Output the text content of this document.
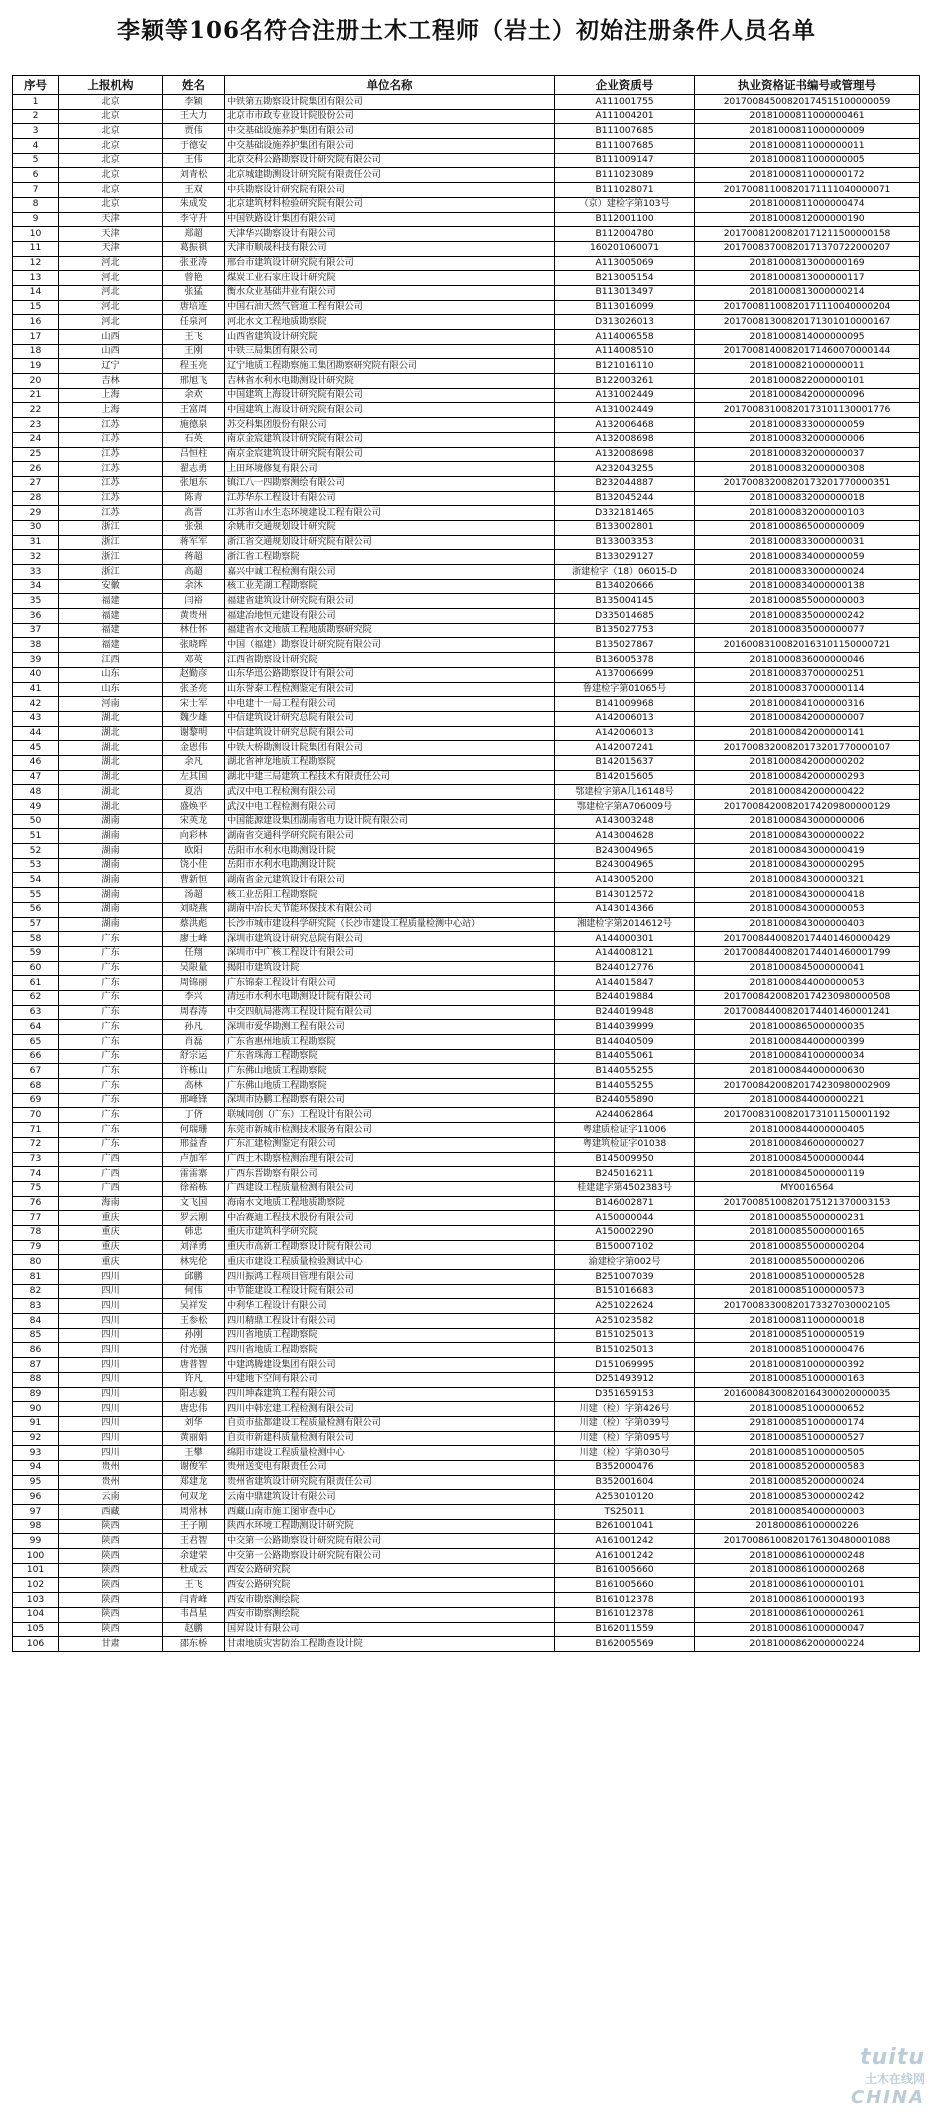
李颖等106名符合注册土木工程师（岩土）初始注册条件人员名单
序号	上报机构	姓名	单位名称	企业资质号	执业资格证书编号或管理号
1	北京	李颖	中铁第五勘察设计院集团有限公司	A111001755	20170084500820174515100000059
2	北京	王大力	北京市市政专业设计院股份公司	A111004201	20181000811000000461
3	北京	贾伟	中交基础设施养护集团有限公司	B111007685	20181000811000000009
4	北京	于德安	中交基础设施养护集团有限公司	B111007685	20181000811000000011
5	北京	王伟	北京交科公路勘察设计研究院有限公司	B111009147	20181000811000000005
6	北京	刘青松	北京城建勘测设计研究院有限责任公司	B111023089	20181000811000000172
7	北京	王双	中兵勘察设计研究院有限公司	B111028071	20170081100820171111040000071
8	北京	朱成发	北京建筑材料检验研究院有限公司	（京）建检字第103号	20181000811000000474
9	天津	李守升	中国铁路设计集团有限公司	B112001100	20181000812000000190
10	天津	郑超	天津华兴勘察设计有限公司	B112004780	20170081200820171211500000158
11	天津	葛振祺	天津市顺晟科技有限公司	160201060071	20170083700820171370722000207
12	河北	张亚涛	邢台市建筑设计研究院有限公司	A113005069	20181000813000000169
13	河北	曾艳	煤炭工业石家庄设计研究院	B213005154	20181000813000000117
14	河北	张猛	衡水众业基础井业有限公司	B113013497	20181000813000000214
15	河北	唐培连	中国石油天然气管道工程有限公司	B113016099	20170081100820171110040000204
16	河北	任泉河	河北水文工程地质勘察院	D313026013	20170081300820171301010000167
17	山西	王飞	山西省建筑设计研究院	A114006558	20181000814000000095
18	山西	王刚	中铁三局集团有限公司	A114008510	20170081400820171460070000144
19	辽宁	程玉亮	辽宁地质工程勘察施工集团勘察研究院有限公司	B121016110	20181000821000000011
20	吉林	邢旭飞	吉林省水利水电勘测设计研究院	B122003261	20181000822000000101
21	上海	余欢	中国建筑上海设计研究院有限公司	A131002449	20181000842000000096
22	上海	王富周	中国建筑上海设计研究院有限公司	A131002449	20170083100820173101130001776
23	江苏	施德泉	苏交科集团股份有限公司	A132006468	20181000833000000059
24	江苏	石英	南京金宸建筑设计研究院有限公司	A132008698	20181000832000000006
25	江苏	吕恒柱	南京金宸建筑设计研究院有限公司	A132008698	20181000832000000037
26	江苏	翟志勇	上田环境修复有限公司	A232043255	20181000832000000308
27	江苏	张旭东	镇江八一四勘察测绘有限公司	B232044887	20170083200820173201770000351
28	江苏	陈青	江苏华东工程设计有限公司	B132045244	20181000832000000018
29	江苏	高晋	江苏省山水生态环境建设工程有限公司	D332181465	20181000832000000103
30	浙江	张强	余姚市交通规划设计研究院	B133002801	20181000865000000009
31	浙江	蒋军军	浙江省交通规划设计研究院有限公司	B133003353	20181000833000000031
32	浙江	蒋超	浙江省工程勘察院	B133029127	20181000834000000059
33	浙江	高超	嘉兴中诚工程检测有限公司	浙建检字（18）06015-D	20181000833000000024
34	安徽	余沐	核工业芜湖工程勘察院	B134020666	20181000834000000138
35	福建	闫裕	福建省建筑设计研究院有限公司	B135004145	20181000855000000003
36	福建	黄贵州	福建冶地恒元建设有限公司	D335014685	20181000835000000242
37	福建	林仕怀	福建省水文地质工程地质勘察研究院	B135027753	20181000835000000077
38	福建	张晓晖	中国（福建）勘察设计研究院有限公司	B135027867	20160083100820163101150000721
39	江西	邓英	江西省勘察设计研究院	B136005378	20181000836000000046
40	山东	赵勤彦	山东华迅公路勘察设计有限公司	A137006699	20181000837000000251
41	山东	张圣亮	山东誉泰工程检测鉴定有限公司	鲁建检字第01065号	20181000837000000114
42	河南	宋士军	中电建十一局工程有限公司	B141009968	20181000841000000316
43	湖北	魏少雄	中信建筑设计研究总院有限公司	A142006013	20181000842000000007
44	湖北	谢黎明	中信建筑设计研究总院有限公司	A142006013	20181000842000000141
45	湖北	金恩伟	中铁大桥勘测设计院集团有限公司	A142007241	20170083200820173201770000107
46	湖北	余凡	湖北省神龙地质工程勘察院	B142015637	20181000842000000202
47	湖北	左其国	湖北中建三局建筑工程技术有限责任公司	B142015605	20181000842000000293
48	湖北	夏浩	武汉中电工程检测有限公司	鄂建检字第A几16148号	20181000842000000422
49	湖北	盛焕平	武汉中电工程检测有限公司	鄂建检字第A706009号	20170084200820174209800000129
50	湖南	宋英龙	中国能源建设集团湖南省电力设计院有限公司	A143003248	20181000843000000006
51	湖南	向彩林	湖南省交通科学研究院有限公司	A143004628	20181000843000000022
52	湖南	欧阳	岳阳市水利水电勘测设计院	B243004965	20181000843000000419
53	湖南	饶小佳	岳阳市水利水电勘测设计院	B243004965	20181000843000000295
54	湖南	曹新恒	湖南省金元建筑设计有限公司	A143005200	20181000843000000321
55	湖南	汤超	核工业岳阳工程勘察院	B143012572	20181000843000000418
56	湖南	刘晓燕	湖南中冶长天节能环保技术有限公司	A143014366	20181000843000000053
57	湖南	蔡洪彪	长沙市城市建设科学研究院（长沙市建设工程质量检测中心站）	湘建检字第2014612号	20181000843000000403
58	广东	廖士峰	深圳市建筑设计研究总院有限公司	A144000301	20170084400820174401460000429
59	广东	任翔	深圳市中广核工程设计有限公司	A144008121	20170084400820174401460001799
60	广东	吴限量	揭阳市建筑设计院	B244012776	20181000845000000041
61	广东	周锦丽	广东锦泰工程设计有限公司	A144015847	20181000844000000053
62	广东	李兴	清远市水利水电勘测设计院有限公司	B244019884	20170084200820174230980000508
63	广东	周春涛	中交四航局港湾工程设计院有限公司	B244019948	20170084400820174401460001241
64	广东	孙凡	深圳市爱华勘测工程有限公司	B144039999	20181000865000000035
65	广东	肖磊	广东省惠州地质工程勘察院	B144040509	20181000844000000399
66	广东	舒宗运	广东省珠海工程勘察院	B144055061	20181000841000000034
67	广东	许栋山	广东佛山地质工程勘察院	B144055255	20181000844000000630
68	广东	高林	广东佛山地质工程勘察院	B144055255	20170084200820174230980002909
69	广东	邢峰锋	深圳市协鹏工程勘察有限公司	B244055890	20181000844000000221
70	广东	丁侪	联城同创（广东）工程设计有限公司	A244062864	20170083100820173101150001192
71	广东	何瑞珊	东莞市新城市检测技术服务有限公司	粤建质检证字11006	20181000844000000405
72	广东	邢益香	广东汇建检测鉴定有限公司	粤建筑检证字01038	20181000846000000027
73	广西	卢加军	广西土木勘察检测治理有限公司	B145009950	20181000845000000044
74	广西	雷雷寨	广西东晋勘察有限公司	B245016211	20181000845000000119
75	广西	徐裕栋	广西建设工程质量检测有限公司	桂建建字第4502383号	MY0016564
76	海南	文飞国	海南水文地质工程地质勘察院	B146002871	20170085100820175121370003153
77	重庆	罗云刚	中冶赛迪工程技术股份有限公司	A150000044	20181000855000000231
78	重庆	韩忠	重庆市建筑科学研究院	A150002290	20181000855000000165
79	重庆	刘泽勇	重庆市高新工程勘察设计院有限公司	B150007102	20181000855000000204
80	重庆	林宪伦	重庆市建设工程质量检验测试中心	渝建检字第002号	20181000855000000206
81	四川	邱鹏	四川振鸿工程项目管理有限公司	B251007039	20181000851000000528
82	四川	何伟	中节能建设工程设计院有限公司	B151016683	20181000851000000573
83	四川	吴祥发	中利华工程设计有限公司	A251022624	20170083300820173327030002105
84	四川	王参松	四川精鼎工程设计有限公司	A251023582	20181000811000000018
85	四川	孙刚	四川省地质工程勘察院	B151025013	20181000851000000519
86	四川	付光强	四川省地质工程勘察院	B151025013	20181000851000000476
87	四川	唐普智	中建鸿腾建设集团有限公司	D151069995	20181000810000000392
88	四川	许凡	中建地下空间有限公司	D251493912	20181000851000000163
89	四川	阳志毅	四川坤森建筑工程有限公司	D351659153	20160084300820164300020000035
90	四川	唐忠伟	四川中韩宏建工程检测有限公司	川建（检）字第426号	20181000851000000652
91	四川	刘华	自贡市盐都建设工程质量检测有限公司	川建（检）字第039号	29181000851000000174
92	四川	黄丽娟	自贡市新建科质量检测有限公司	川建（检）字第095号	20181000851000000527
93	四川	王攀	绵阳市建设工程质量检测中心	川建（检）字第030号	20181000851000000505
94	贵州	谢俊军	贵州送变电有限责任公司	B352000476	20181000852000000583
95	贵州	郑建龙	贵州省建筑设计研究院有限责任公司	B352001604	20181000852000000024
96	云南	何双龙	云南中鼎建筑设计有限公司	A253010120	20181000853000000242
97	西藏	周常林	西藏山南市施工图审查中心	TS25011	20181000854000000003
98	陕西	王子刚	陕西水环境工程勘测设计研究院	B261001041	20180008610000022​6
99	陕西	王君智	中交第一公路勘察设计研究院有限公司	A161001242	20170086100820176130480001088
100	陕西	余建荣	中交第一公路勘察设计研究院有限公司	A161001242	20181000861000000248
101	陕西	杜成云	西安公路研究院	B161005660	20181000861000000268
102	陕西	王飞	西安公路研究院	B161005660	20181000861000000101
103	陕西	闫青峰	西安市勘察测绘院	B161012378	20181000861000000193
104	陕西	韦昌星	西安市勘察测绘院	B161012378	20181000861000000261
105	陕西	赵鹏	国昇设计有限公司	B162011559	20181000861000000047
106	甘肃	邵东桥	甘肃地质灾害防治工程勘查设计院	B162005569	20181000862000000224
tuitu
土木在线网
CHINA
